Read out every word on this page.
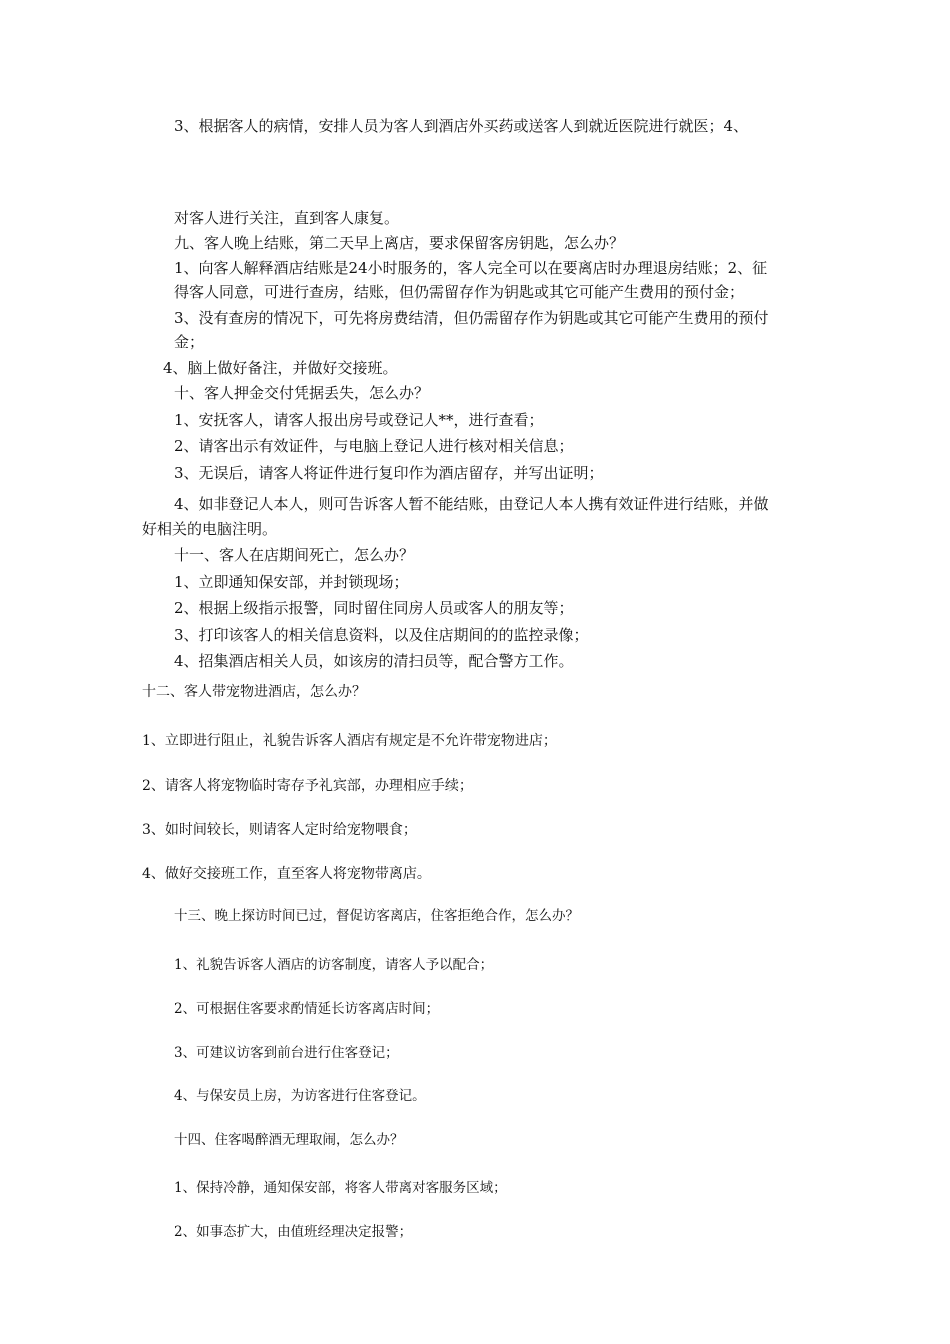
3、根据客人的病情，安排人员为客人到酒店外买药或送客人到就近医院进行就医；4、
对客人进行关注，直到客人康复。
九、客人晚上结账，第二天早上离店，要求保留客房钥匙，怎么办？
1、向客人解释酒店结账是24小时服务的，客人完全可以在要离店时办理退房结账；2、征
得客人同意，可进行查房，结账，但仍需留存作为钥匙或其它可能产生费用的预付金；
3、没有查房的情况下，可先将房费结清，但仍需留存作为钥匙或其它可能产生费用的预付
金；
4、脑上做好备注，并做好交接班。
十、客人押金交付凭据丢失，怎么办？
1、安抚客人，请客人报出房号或登记人**，进行查看；
2、请客出示有效证件，与电脑上登记人进行核对相关信息；
3、无误后，请客人将证件进行复印作为酒店留存，并写出证明；
4、如非登记人本人，则可告诉客人暂不能结账，由登记人本人携有效证件进行结账，并做
好相关的电脑注明。
十一、客人在店期间死亡，怎么办？
1、立即通知保安部，并封锁现场；
2、根据上级指示报警，同时留住同房人员或客人的朋友等；
3、打印该客人的相关信息资料，以及住店期间的的监控录像；
4、招集酒店相关人员，如该房的清扫员等，配合警方工作。
十二、客人带宠物进酒店，怎么办？
1、立即进行阻止，礼貌告诉客人酒店有规定是不允许带宠物进店；
2、请客人将宠物临时寄存予礼宾部，办理相应手续；
3、如时间较长，则请客人定时给宠物喂食；
4、做好交接班工作，直至客人将宠物带离店。
十三、晚上探访时间已过，督促访客离店，住客拒绝合作，怎么办？
1、礼貌告诉客人酒店的访客制度，请客人予以配合；
2、可根据住客要求酌情延长访客离店时间；
3、可建议访客到前台进行住客登记；
4、与保安员上房，为访客进行住客登记。
十四、住客喝醉酒无理取闹，怎么办？
1、保持冷静，通知保安部，将客人带离对客服务区域；
2、如事态扩大，由值班经理决定报警；
